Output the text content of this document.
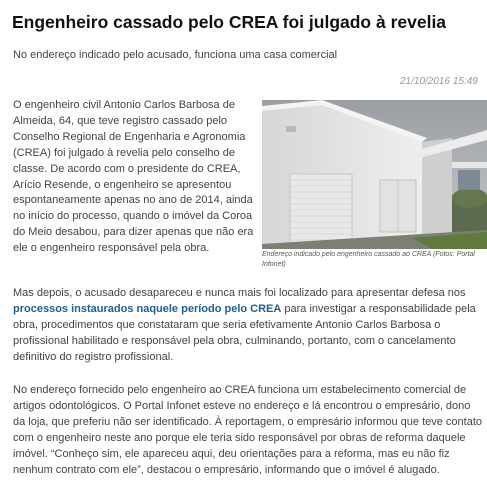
Engenheiro cassado pelo CREA foi julgado à revelia

No endereço indicado pelo acusado, funciona uma casa comercial

21/10/2016 15:49

O engenheiro civil Antonio Carlos Barbosa de Almeida, 64, que teve registro cassado pelo Conselho Regional de Engenharia e Agronomia (CREA) foi julgado à revelia pelo conselho de classe. De acordo com o presidente do CREA, Arício Resende, o engenheiro se apresentou espontaneamente apenas no ano de 2014, ainda no início do processo, quando o imóvel da Coroa do Meio desabou, para dizer apenas que não era ele o engenheiro responsável pela obra.

Endereço indicado pelo engenheiro cassado ao CREA (Fotos: Portal Infonet)

Mas depois, o acusado desapareceu e nunca mais foi localizado para apresentar defesa nos processos instaurados naquele período pelo CREA para investigar a responsabilidade pela obra, procedimentos que constataram que seria efetivamente Antonio Carlos Barbosa o profissional habilitado e responsável pela obra, culminando, portanto, com o cancelamento definitivo do registro profissional.

No endereço fornecido pelo engenheiro ao CREA funciona um estabelecimento comercial de artigos odontológicos. O Portal Infonet esteve no endereço e lá encontrou o empresário, dono da loja, que preferiu não ser identificado. À reportagem, o empresário informou que teve contato com o engenheiro neste ano porque ele teria sido responsável por obras de reforma daquele imóvel. “Conheço sim, ele apareceu aqui, deu orientações para a reforma, mas eu não fiz nenhum contrato com ele”, destacou o empresário, informando que o imóvel é alugado.
